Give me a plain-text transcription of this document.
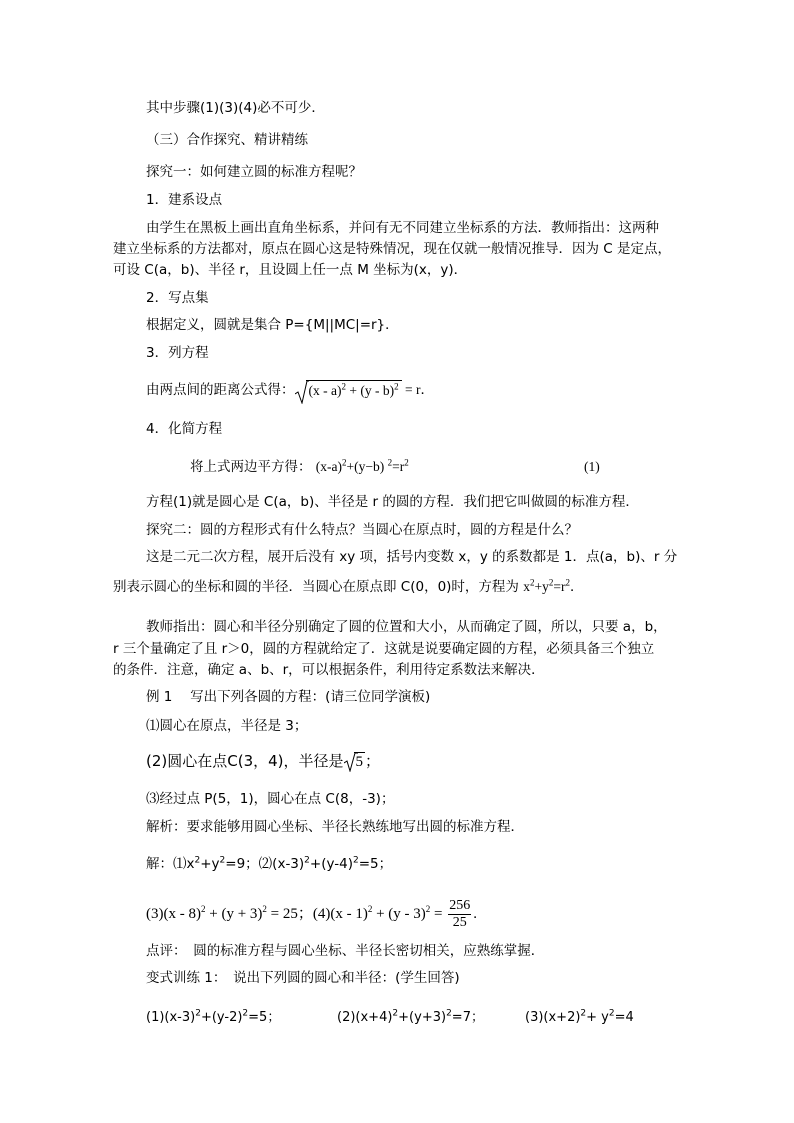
其中步骤(1)(3)(4)必不可少．
（三）合作探究、精讲精练
探究一：如何建立圆的标准方程呢？
1．建系设点
由学生在黑板上画出直角坐标系，并问有无不同建立坐标系的方法．教师指出：这两种
建立坐标系的方法都对，原点在圆心这是特殊情况，现在仅就一般情况推导．因为 C 是定点，
可设 C(a，b)、半径 r，且设圆上任一点 M 坐标为(x，y)．
2．写点集
根据定义，圆就是集合 P={M||MC|=r}．
3．列方程
由两点间的距离公式得： (x - a)$^2$ + (y - b)$^2$ = r．
4．化简方程
将上式两边平方得： $(x-a)^2+(y-b)$ $^2=r^2$	(1)
方程(1)就是圆心是 C(a，b)、半径是 r 的圆的方程．我们把它叫做圆的标准方程．
探究二：圆的方程形式有什么特点？当圆心在原点时，圆的方程是什么？
这是二元二次方程，展开后没有 xy 项，括号内变数 x，y 的系数都是 1．点(a，b)、r 分
别表示圆心的坐标和圆的半径．当圆心在原点即 C(0，0)时，方程为 $x^2+y^2=r^2$．
教师指出：圆心和半径分别确定了圆的位置和大小，从而确定了圆，所以，只要 a，b，
r 三个量确定了且 r＞0，圆的方程就给定了．这就是说要确定圆的方程，必须具备三个独立
的条件．注意，确定 a、b、r，可以根据条件，利用待定系数法来解决．
例 1　 写出下列各圆的方程：(请三位同学演板)
⑴圆心在原点，半径是 3；
(2)圆心在点C(3，4)，半径是 5 ；
⑶经过点 P(5，1)，圆心在点 C(8，-3)；
解析：要求能够用圆心坐标、半径长熟练地写出圆的标准方程．
解：$⑴x^2+y^2=9$；$⑵(x-3)^2+(y-4)^2=5$；
$(3)(x - 8)^2 + (y + 3)^2 = 25$；$(4)(x - 1)^2 + (y - 3)^2 = \frac{256}{25}$ .
点评：　圆的标准方程与圆心坐标、半径长密切相关，应熟练掌握．
变式训练 1：　说出下列圆的圆心和半径：(学生回答)
$(1)(x-3)^2+(y-2)^2=5$；	$(2)(x+4)^2+(y+3)^2=7$；	$(3)(x+2)^2+ y^2=4$
